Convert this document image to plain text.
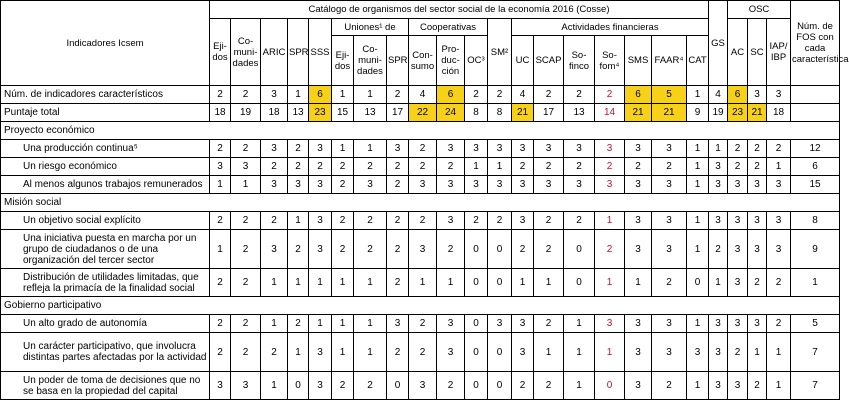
Indicadores Icsem	Catálogo de organismos del sector social de la economía 2016 (Cosse)																			GS	OSC			Núm. de FOS con cada característica
	Eji-dos	Co-muni-dades	ARIC	SPR	SSS	Uniones¹ de			Cooperativas			SM²	Actividades financieras								AC	SC	IAP/ IBP	
						Eji-dos	Co-muni-dades	SPR	Con-sumo	Pro-duc-ción	OC³		UC	SCAP	So-finco	So-fom⁴	SMS	FAAR⁴	CAT					
Núm. de indicadores característicos	2	2	3	1	6	1	1	2	4	6	2	2	4	2	2	2	6	5	1	4	6	3	3	
Puntaje total	18	19	18	13	23	15	13	17	22	24	8	8	21	17	13	14	21	21	9	19	23	21	18	
Proyecto económico																								
Una producción continua⁵	2	2	3	2	3	1	1	3	2	3	3	3	3	3	3	3	3	3	1	1	2	2	2	12
Un riesgo económico	3	3	2	2	2	2	2	2	2	2	1	1	2	2	2	2	2	2	1	3	2	2	1	6
Al menos algunos trabajos remunerados	1	1	3	3	3	2	3	2	3	3	3	3	3	3	3	3	3	3	1	3	3	3	3	15
Misión social																								
Un objetivo social explícito	2	2	2	1	3	2	2	2	2	3	2	2	3	2	2	1	3	3	1	3	3	3	3	8
Una iniciativa puesta en marcha por un grupo de ciudadanos o de una organización del tercer sector	1	2	3	2	3	2	2	2	3	2	0	0	2	2	0	2	3	3	1	2	3	3	3	9
Distribución de utilidades limitadas, que refleja la primacía de la finalidad social	2	2	1	1	1	1	1	2	1	1	0	0	1	1	0	1	1	2	0	1	3	2	2	1
Gobierno participativo																								
Un alto grado de autonomía	2	2	1	2	1	1	1	3	2	3	0	3	3	2	1	3	3	3	1	3	3	3	2	5
Un carácter participativo, que involucra distintas partes afectadas por la actividad	2	2	2	1	3	1	1	2	2	3	0	0	3	1	1	1	3	3	3	3	2	1	1	7
Un poder de toma de decisiones que no se basa en la propiedad del capital	3	3	1	0	3	2	2	0	3	2	0	0	2	2	1	0	3	2	1	3	3	2	1	7
